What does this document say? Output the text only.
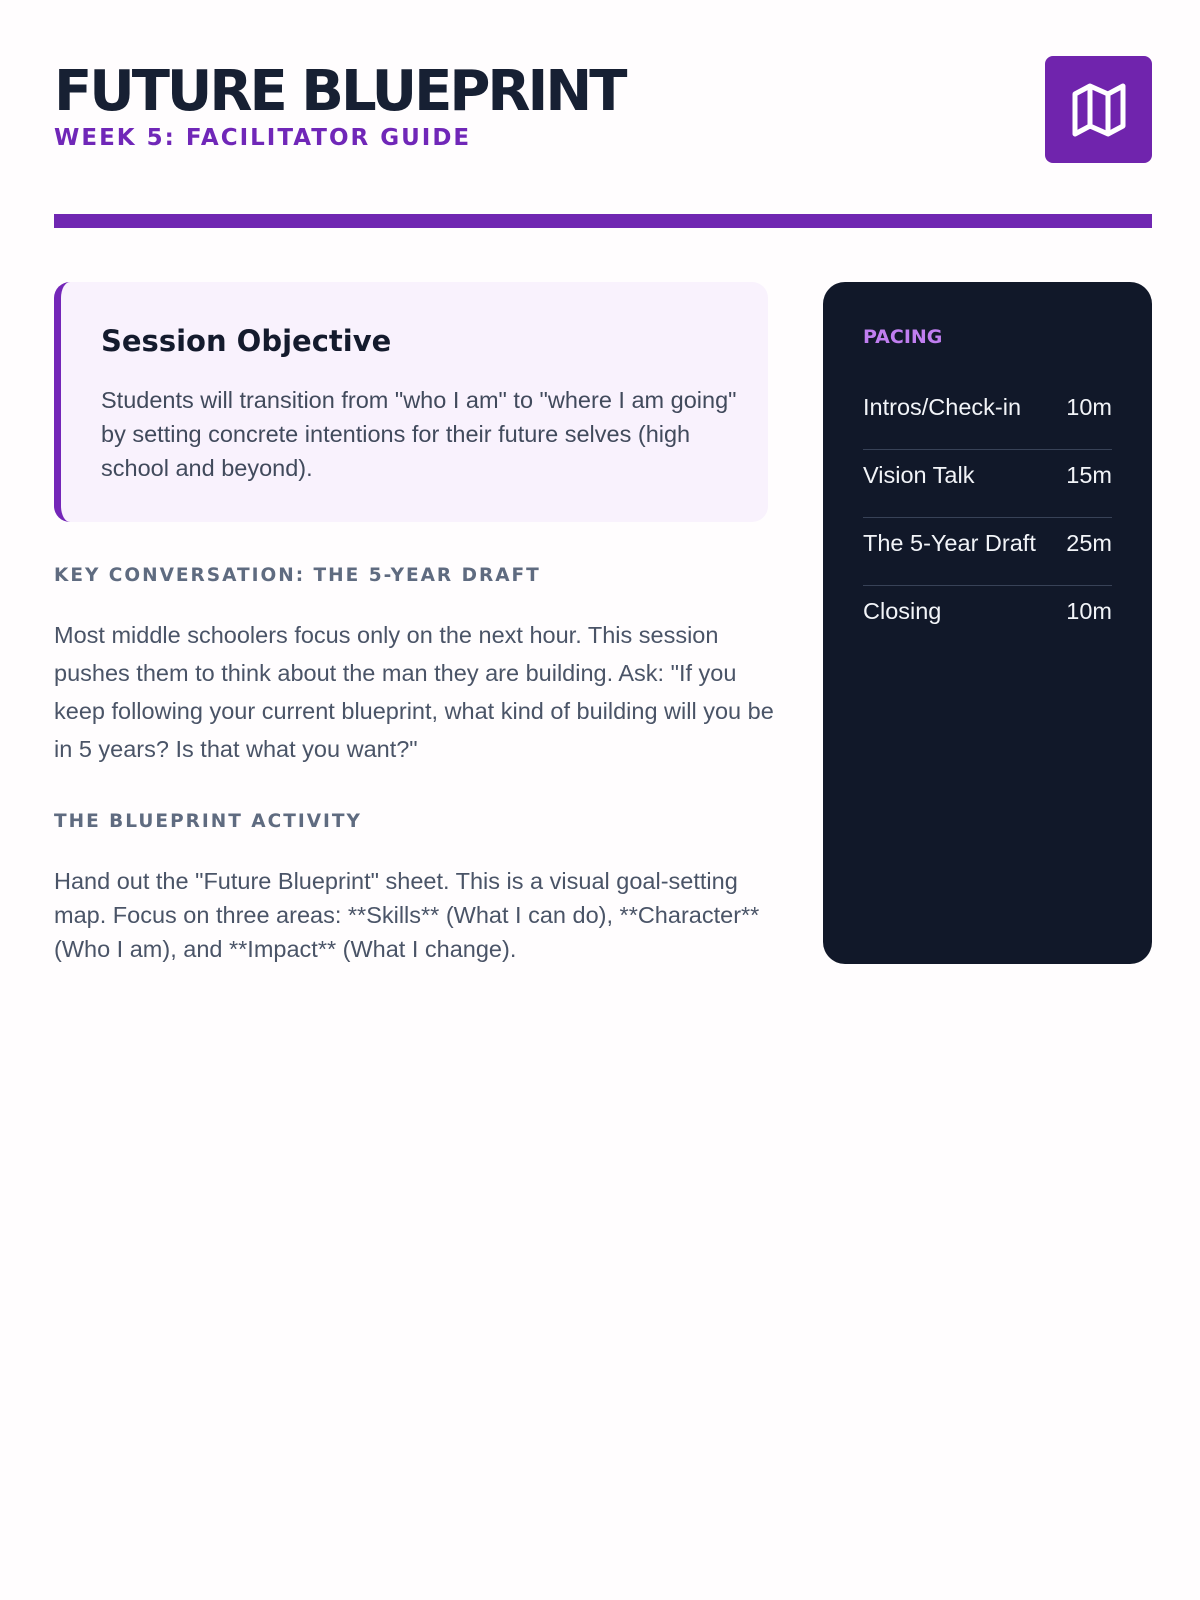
FUTURE BLUEPRINT
WEEK 5: FACILITATOR GUIDE
Session Objective

Students will transition from "who I am" to "where I am going" by setting concrete intentions for their future selves (high school and beyond).

KEY CONVERSATION: THE 5-YEAR DRAFT

Most middle schoolers focus only on the next hour. This session pushes them to think about the man they are building. Ask: "If you keep following your current blueprint, what kind of building will you be in 5 years? Is that what you want?"

THE BLUEPRINT ACTIVITY

Hand out the "Future Blueprint" sheet. This is a visual goal-setting map. Focus on three areas: **Skills** (What I can do), **Character** (Who I am), and **Impact** (What I change).

PACING
Intros/Check-in 10m
Vision Talk	15m
The 5-Year Draft 25m
Closing	10m
